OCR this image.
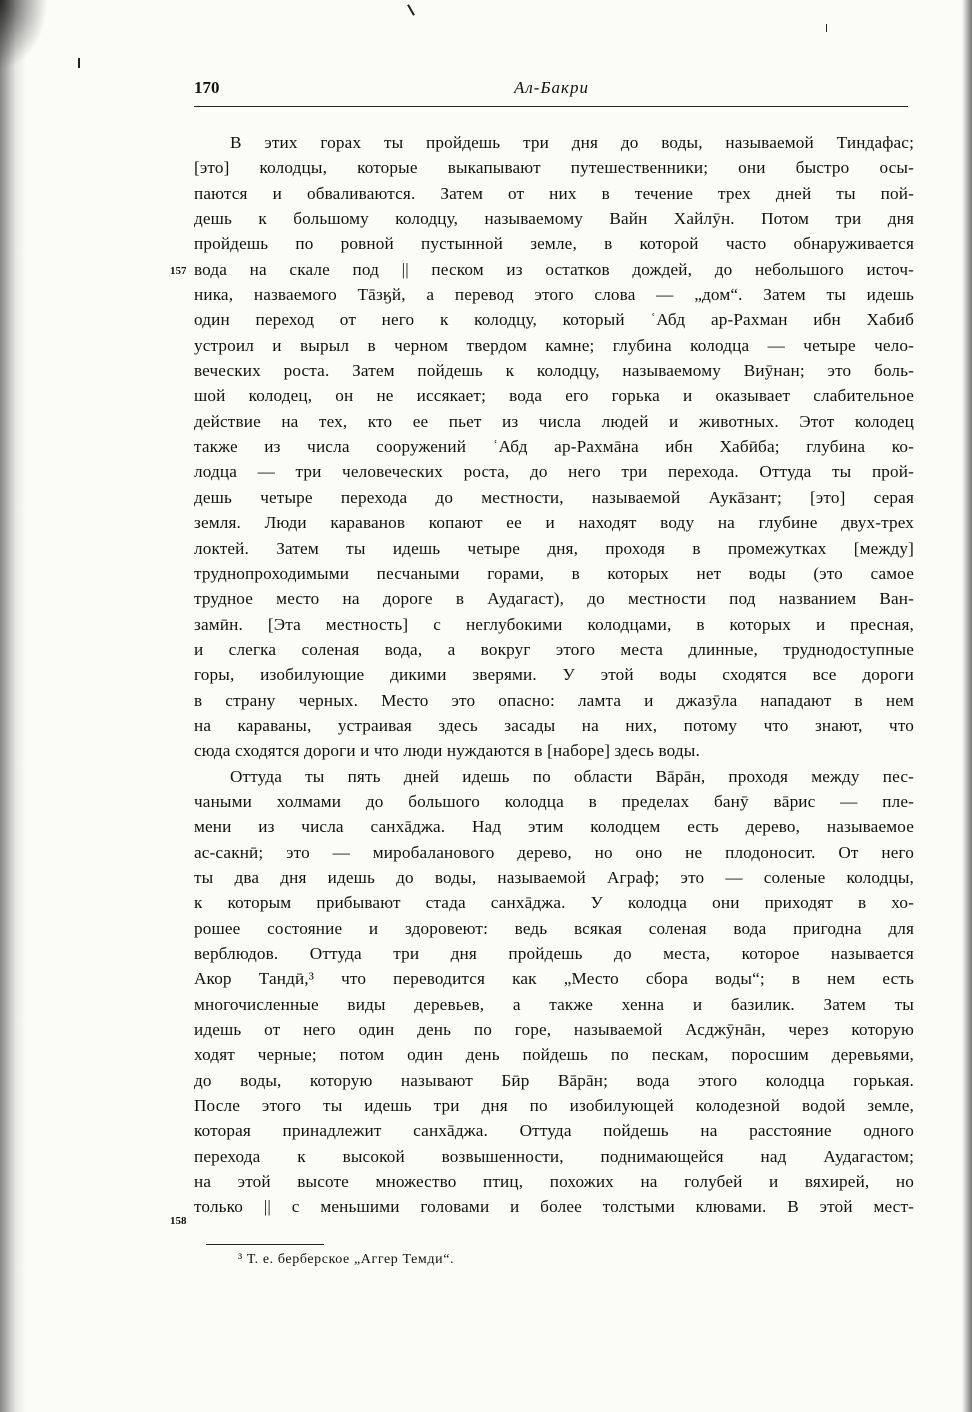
170	Ал-Бакри
В этих горах ты пройдешь три дня до воды, называемой Тиндафас;
[это] колодцы, которые выкапывают путешественники; они быстро осы-
паются и обваливаются. Затем от них в течение трех дней ты пой-
дешь к большому колодцу, называемому Вайн Хайлӯн. Потом три дня
пройдешь по ровной пустынной земле, в которой часто обнаруживается
вода на скале под || песком из остатков дождей, до небольшого источ-
ника, назваемого Тāзӄй, а перевод этого слова — „дом“. Затем ты идешь
один переход от него к колодцу, который ʿАбд ар-Рахман ибн Хабиб
устроил и вырыл в черном твердом камне; глубина колодца — четыре чело-
веческих роста. Затем пойдешь к колодцу, называемому Виӯнан; это боль-
шой колодец, он не иссякает; вода его горька и оказывает слабительное
действие на тех, кто ее пьет из числа людей и животных. Этот колодец
также из числа сооружений ʿАбд ар-Рахмāна ибн Хабӣба; глубина ко-
лодца — три человеческих роста, до него три перехода. Оттуда ты прой-
дешь четыре перехода до местности, называемой Аукāзант; [это] серая
земля. Люди караванов копают ее и находят воду на глубине двух-трех
локтей. Затем ты идешь четыре дня, проходя в промежутках [между]
труднопроходимыми песчаными горами, в которых нет воды (это самое
трудное место на дороге в Аудагаст), до местности под названием Ван-
замӣн. [Эта местность] с неглубокими колодцами, в которых и пресная,
и слегка соленая вода, а вокруг этого места длинные, труднодоступные
горы, изобилующие дикими зверями. У этой воды сходятся все дороги
в страну черных. Место это опасно: ламта и джазӯла нападают в нем
на караваны, устраивая здесь засады на них, потому что знают, что
сюда сходятся дороги и что люди нуждаются в [наборе] здесь воды.
Оттуда ты пять дней идешь по области Вāрāн, проходя между пес-
чаными холмами до большого колодца в пределах банӯ вāрис — пле-
мени из числа санхāджа. Над этим колодцем есть дерево, называемое
ас-сакнӣ; это — миробаланового дерево, но оно не плодоносит. От него
ты два дня идешь до воды, называемой Аграф; это — соленые колодцы,
к которым прибывают стада санхāджа. У колодца они приходят в хо-
рошее состояние и здоровеют: ведь всякая соленая вода пригодна для
верблюдов. Оттуда три дня пройдешь до места, которое называется
Акор Тандӣ,³ что переводится как „Место сбора воды“; в нем есть
многочисленные виды деревьев, а также хенна и базилик. Затем ты
идешь от него один день по горе, называемой Асджӯнāн, через которую
ходят черные; потом один день пойдешь по пескам, поросшим деревьями,
до воды, которую называют Бӣр Вāрāн; вода этого колодца горькая.
После этого ты идешь три дня по изобилующей колодезной водой земле,
которая принадлежит санхāджа. Оттуда пойдешь на расстояние одного
перехода к высокой возвышенности, поднимающейся над Аудагастом;
на этой высоте множество птиц, похожих на голубей и вяхирей, но
только || с меньшими головами и более толстыми клювами. В этой мест-
157
158
³ Т. е. берберское „Аггер Темди“.
